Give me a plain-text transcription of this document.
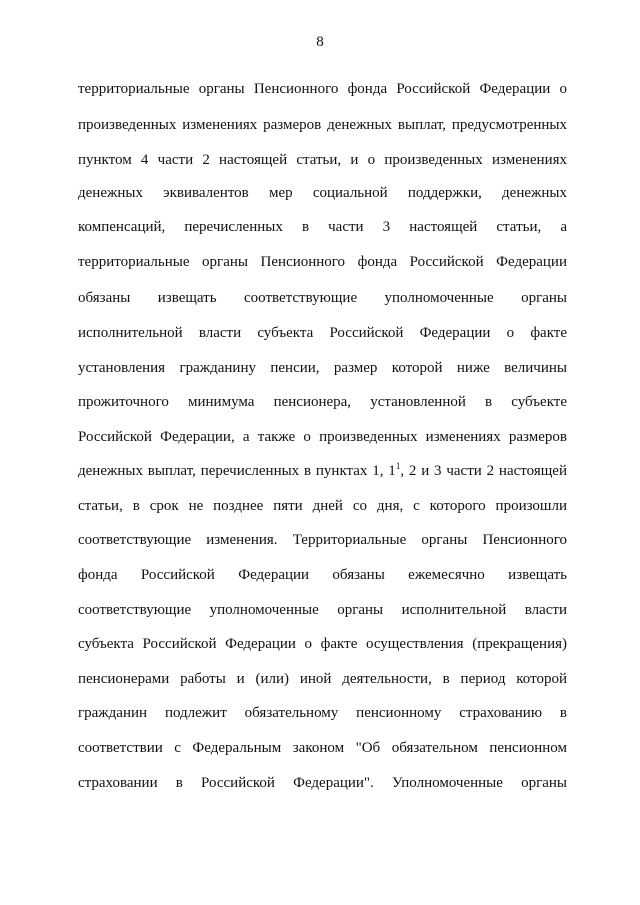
8
территориальные органы Пенсионного фонда Российской Федерации о
произведенных изменениях размеров денежных выплат, предусмотренных
пунктом 4 части 2 настоящей статьи, и о произведенных изменениях
денежных эквивалентов мер социальной поддержки, денежных
компенсаций, перечисленных в части 3 настоящей статьи, а
территориальные органы Пенсионного фонда Российской Федерации
обязаны извещать соответствующие уполномоченные органы
исполнительной власти субъекта Российской Федерации о факте
установления гражданину пенсии, размер которой ниже величины
прожиточного минимума пенсионера, установленной в субъекте
Российской Федерации, а также о произведенных изменениях размеров
денежных выплат, перечисленных в пунктах 1, $1^1$, 2 и 3 части 2 настоящей
статьи, в срок не позднее пяти дней со дня, с которого произошли
соответствующие изменения. Территориальные органы Пенсионного
фонда Российской Федерации обязаны ежемесячно извещать
соответствующие уполномоченные органы исполнительной власти
субъекта Российской Федерации о факте осуществления (прекращения)
пенсионерами работы и (или) иной деятельности, в период которой
гражданин подлежит обязательному пенсионному страхованию в
соответствии с Федеральным законом "Об обязательном пенсионном
страховании в Российской Федерации". Уполномоченные органы
